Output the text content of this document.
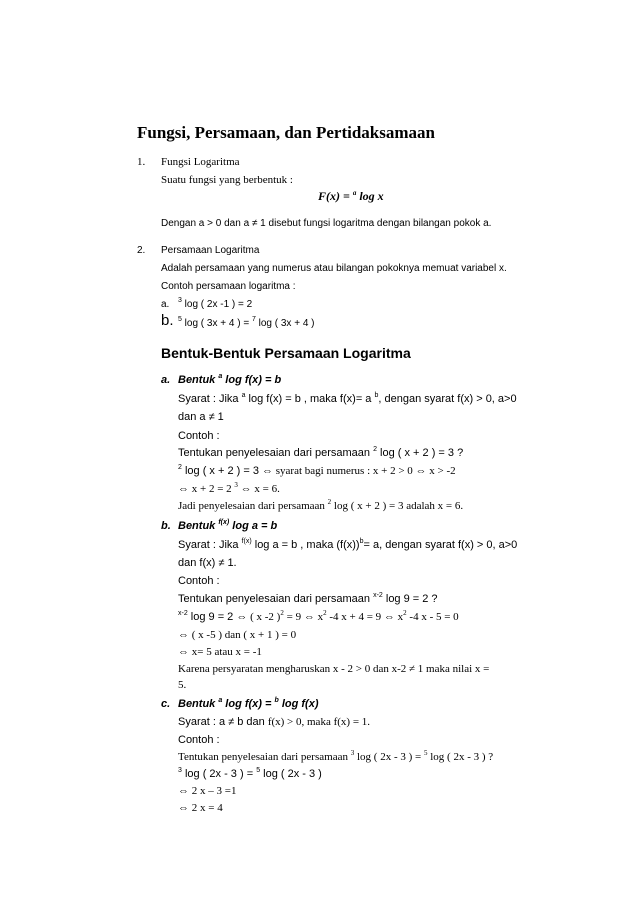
Fungsi, Persamaan, dan Pertidaksamaan
1. Fungsi Logaritma
Suatu fungsi yang berbentuk :
F(x) = $^a$ log x
Dengan a > 0 dan a ≠ 1 disebut fungsi logaritma dengan bilangan pokok a.
2. Persamaan Logaritma
Adalah persamaan yang numerus atau bilangan pokoknya memuat variabel x.
Contoh persamaan logaritma :
a. $^3$ log ( 2x -1 ) = 2
b. $^5$ log ( 3x + 4 ) = $^7$ log ( 3x + 4 )
Bentuk-Bentuk Persamaan Logaritma
a. Bentuk $^a$ log f(x) = b
Syarat : Jika $^a$ log f(x) = b , maka f(x)= a $^b$, dengan syarat f(x) > 0, a>0
dan a ≠ 1
Contoh :
Tentukan penyelesaian dari persamaan $^2$ log ( x + 2 ) = 3 ?
$^2$ log ( x + 2 ) = 3 ⇔ syarat bagi numerus : x + 2 > 0 ⇔ x > -2
⇔ x + 2 = 2 $^3$ ⇔ x = 6.
Jadi penyelesaian dari persamaan $^2$ log ( x + 2 ) = 3 adalah x = 6.
b. Bentuk $^{f(x)}$ log a = b
Syarat : Jika $^{f(x)}$ log a = b , maka $(f(x))^b= a$, dengan syarat f(x) > 0, a>0
dan f(x) ≠ 1.
Contoh :
Tentukan penyelesaian dari persamaan $^{x-2}$ log 9 = 2 ?
$^{x-2}$ log 9 = 2 ⇔ ( x -2 )$^2$ = 9 ⇔ $x^2$ -4 x + 4 = 9 ⇔ $x^2$ -4 x - 5 = 0
⇔ ( x -5 ) dan ( x + 1 ) = 0
⇔ x= 5 atau x = -1
Karena persyaratan mengharuskan x - 2 > 0 dan x-2 ≠ 1 maka nilai x =
5.
c. Bentuk $^a$ log f(x) = $^b$ log f(x)
Syarat : a ≠ b dan f(x) > 0, maka f(x) = 1.
Contoh :
Tentukan penyelesaian dari persamaan $^3$ log ( 2x - 3 ) = $^5$ log ( 2x - 3 ) ?
$^3$ log ( 2x - 3 ) = $^5$ log ( 2x - 3 )
⇔ 2 x – 3 =1
⇔ 2 x = 4
